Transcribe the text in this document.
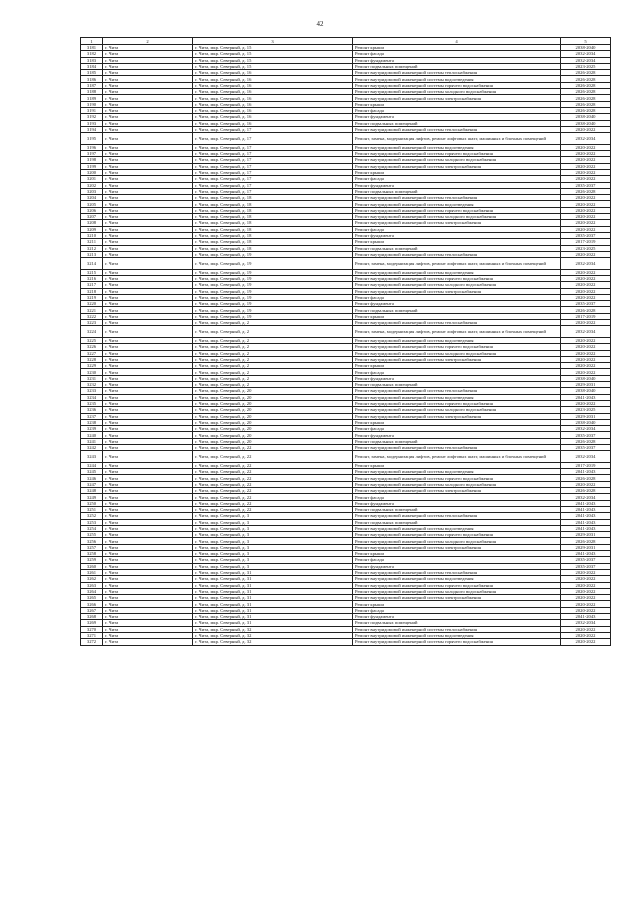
42
1	2	3	4	5
3181	г. Чита	г. Чита, мкр. Северный, д. 15	Ремонт крыши	2038-2040
3182	г. Чита	г. Чита, мкр. Северный, д. 15	Ремонт фасада	2032-2034
3183	г. Чита	г. Чита, мкр. Северный, д. 15	Ремонт фундамента	2032-2034
3184	г. Чита	г. Чита, мкр. Северный, д. 15	Ремонт подвальных помещений	2023-2025
3185	г. Чита	г. Чита, мкр. Северный, д. 16	Ремонт внутридомовой инженерной системы теплоснабжения	2026-2028
3186	г. Чита	г. Чита, мкр. Северный, д. 16	Ремонт внутридомовой инженерной системы водоотведения	2026-2028
3187	г. Чита	г. Чита, мкр. Северный, д. 16	Ремонт внутридомовой инженерной системы горячего водоснабжения	2026-2028
3188	г. Чита	г. Чита, мкр. Северный, д. 16	Ремонт внутридомовой инженерной системы холодного водоснабжения	2026-2028
3189	г. Чита	г. Чита, мкр. Северный, д. 16	Ремонт внутридомовой инженерной системы электроснабжения	2026-2028
3190	г. Чита	г. Чита, мкр. Северный, д. 16	Ремонт крыши	2026-2028
3191	г. Чита	г. Чита, мкр. Северный, д. 16	Ремонт фасада	2026-2028
3192	г. Чита	г. Чита, мкр. Северный, д. 16	Ремонт фундамента	2038-2040
3193	г. Чита	г. Чита, мкр. Северный, д. 16	Ремонт подвальных помещений	2038-2040
3194	г. Чита	г. Чита, мкр. Северный, д. 17	Ремонт внутридомовой инженерной системы теплоснабжения	2020-2022
3195	г. Чита	г. Чита, мкр. Северный, д. 17	Ремонт, замена, модернизация лифтов, ремонт лифтовых шахт, машинных и блочных помещений	2032-2034
3196	г. Чита	г. Чита, мкр. Северный, д. 17	Ремонт внутридомовой инженерной системы водоотведения	2020-2022
3197	г. Чита	г. Чита, мкр. Северный, д. 17	Ремонт внутридомовой инженерной системы горячего водоснабжения	2020-2022
3198	г. Чита	г. Чита, мкр. Северный, д. 17	Ремонт внутридомовой инженерной системы холодного водоснабжения	2020-2022
3199	г. Чита	г. Чита, мкр. Северный, д. 17	Ремонт внутридомовой инженерной системы электроснабжения	2020-2022
3200	г. Чита	г. Чита, мкр. Северный, д. 17	Ремонт крыши	2020-2022
3201	г. Чита	г. Чита, мкр. Северный, д. 17	Ремонт фасада	2020-2022
3202	г. Чита	г. Чита, мкр. Северный, д. 17	Ремонт фундамента	2035-2037
3203	г. Чита	г. Чита, мкр. Северный, д. 17	Ремонт подвальных помещений	2026-2028
3204	г. Чита	г. Чита, мкр. Северный, д. 18	Ремонт внутридомовой инженерной системы теплоснабжения	2020-2022
3205	г. Чита	г. Чита, мкр. Северный, д. 18	Ремонт внутридомовой инженерной системы водоотведения	2020-2022
3206	г. Чита	г. Чита, мкр. Северный, д. 18	Ремонт внутридомовой инженерной системы горячего водоснабжения	2020-2022
3207	г. Чита	г. Чита, мкр. Северный, д. 18	Ремонт внутридомовой инженерной системы холодного водоснабжения	2020-2022
3208	г. Чита	г. Чита, мкр. Северный, д. 18	Ремонт внутридомовой инженерной системы электроснабжения	2020-2022
3209	г. Чита	г. Чита, мкр. Северный, д. 18	Ремонт фасада	2020-2022
3210	г. Чита	г. Чита, мкр. Северный, д. 18	Ремонт фундамента	2035-2037
3211	г. Чита	г. Чита, мкр. Северный, д. 18	Ремонт крыши	2017-2019
3212	г. Чита	г. Чита, мкр. Северный, д. 18	Ремонт подвальных помещений	2023-2025
3213	г. Чита	г. Чита, мкр. Северный, д. 19	Ремонт внутридомовой инженерной системы теплоснабжения	2020-2022
3214	г. Чита	г. Чита, мкр. Северный, д. 19	Ремонт, замена, модернизация лифтов, ремонт лифтовых шахт, машинных и блочных помещений	2032-2034
3215	г. Чита	г. Чита, мкр. Северный, д. 19	Ремонт внутридомовой инженерной системы водоотведения	2020-2022
3216	г. Чита	г. Чита, мкр. Северный, д. 19	Ремонт внутридомовой инженерной системы горячего водоснабжения	2020-2022
3217	г. Чита	г. Чита, мкр. Северный, д. 19	Ремонт внутридомовой инженерной системы холодного водоснабжения	2020-2022
3218	г. Чита	г. Чита, мкр. Северный, д. 19	Ремонт внутридомовой инженерной системы электроснабжения	2020-2022
3219	г. Чита	г. Чита, мкр. Северный, д. 19	Ремонт фасада	2020-2022
3220	г. Чита	г. Чита, мкр. Северный, д. 19	Ремонт фундамента	2035-2037
3221	г. Чита	г. Чита, мкр. Северный, д. 19	Ремонт подвальных помещений	2026-2028
3222	г. Чита	г. Чита, мкр. Северный, д. 19	Ремонт крыши	2017-2019
3223	г. Чита	г. Чита, мкр. Северный, д. 2	Ремонт внутридомовой инженерной системы теплоснабжения	2020-2022
3224	г. Чита	г. Чита, мкр. Северный, д. 2	Ремонт, замена, модернизация лифтов, ремонт лифтовых шахт, машинных и блочных помещений	2032-2034
3225	г. Чита	г. Чита, мкр. Северный, д. 2	Ремонт внутридомовой инженерной системы водоотведения	2020-2022
3226	г. Чита	г. Чита, мкр. Северный, д. 2	Ремонт внутридомовой инженерной системы горячего водоснабжения	2020-2022
3227	г. Чита	г. Чита, мкр. Северный, д. 2	Ремонт внутридомовой инженерной системы холодного водоснабжения	2020-2022
3228	г. Чита	г. Чита, мкр. Северный, д. 2	Ремонт внутридомовой инженерной системы электроснабжения	2020-2022
3229	г. Чита	г. Чита, мкр. Северный, д. 2	Ремонт крыши	2020-2022
3230	г. Чита	г. Чита, мкр. Северный, д. 2	Ремонт фасада	2020-2022
3231	г. Чита	г. Чита, мкр. Северный, д. 2	Ремонт фундамента	2038-2040
3232	г. Чита	г. Чита, мкр. Северный, д. 2	Ремонт подвальных помещений	2029-2031
3233	г. Чита	г. Чита, мкр. Северный, д. 20	Ремонт внутридомовой инженерной системы теплоснабжения	2038-2040
3234	г. Чита	г. Чита, мкр. Северный, д. 20	Ремонт внутридомовой инженерной системы водоотведения	2041-2043
3235	г. Чита	г. Чита, мкр. Северный, д. 20	Ремонт внутридомовой инженерной системы горячего водоснабжения	2020-2022
3236	г. Чита	г. Чита, мкр. Северный, д. 20	Ремонт внутридомовой инженерной системы холодного водоснабжения	2023-2025
3237	г. Чита	г. Чита, мкр. Северный, д. 20	Ремонт внутридомовой инженерной системы электроснабжения	2029-2031
3238	г. Чита	г. Чита, мкр. Северный, д. 20	Ремонт крыши	2038-2040
3239	г. Чита	г. Чита, мкр. Северный, д. 20	Ремонт фасада	2032-2034
3240	г. Чита	г. Чита, мкр. Северный, д. 20	Ремонт фундамента	2035-2037
3241	г. Чита	г. Чита, мкр. Северный, д. 20	Ремонт подвальных помещений	2026-2028
3242	г. Чита	г. Чита, мкр. Северный, д. 22	Ремонт внутридомовой инженерной системы теплоснабжения	2035-2037
3243	г. Чита	г. Чита, мкр. Северный, д. 22	Ремонт, замена, модернизация лифтов, ремонт лифтовых шахт, машинных и блочных помещений	2032-2034
3244	г. Чита	г. Чита, мкр. Северный, д. 22	Ремонт крыши	2017-2019
3245	г. Чита	г. Чита, мкр. Северный, д. 22	Ремонт внутридомовой инженерной системы водоотведения	2041-2043
3246	г. Чита	г. Чита, мкр. Северный, д. 22	Ремонт внутридомовой инженерной системы горячего водоснабжения	2026-2028
3247	г. Чита	г. Чита, мкр. Северный, д. 22	Ремонт внутридомовой инженерной системы холодного водоснабжения	2020-2022
3248	г. Чита	г. Чита, мкр. Северный, д. 22	Ремонт внутридомовой инженерной системы электроснабжения	2026-2028
3249	г. Чита	г. Чита, мкр. Северный, д. 22	Ремонт фасада	2032-2034
3250	г. Чита	г. Чита, мкр. Северный, д. 22	Ремонт фундамента	2041-2043
3251	г. Чита	г. Чита, мкр. Северный, д. 22	Ремонт подвальных помещений	2041-2043
3252	г. Чита	г. Чита, мкр. Северный, д. 3	Ремонт внутридомовой инженерной системы теплоснабжения	2041-2043
3253	г. Чита	г. Чита, мкр. Северный, д. 3	Ремонт подвальных помещений	2041-2043
3254	г. Чита	г. Чита, мкр. Северный, д. 3	Ремонт внутридомовой инженерной системы водоотведения	2041-2043
3255	г. Чита	г. Чита, мкр. Северный, д. 3	Ремонт внутридомовой инженерной системы горячего водоснабжения	2029-2031
3256	г. Чита	г. Чита, мкр. Северный, д. 3	Ремонт внутридомовой инженерной системы холодного водоснабжения	2026-2028
3257	г. Чита	г. Чита, мкр. Северный, д. 3	Ремонт внутридомовой инженерной системы электроснабжения	2029-2031
3258	г. Чита	г. Чита, мкр. Северный, д. 3	Ремонт крыши	2041-2043
3259	г. Чита	г. Чита, мкр. Северный, д. 3	Ремонт фасада	2035-2037
3260	г. Чита	г. Чита, мкр. Северный, д. 3	Ремонт фундамента	2035-2037
3261	г. Чита	г. Чита, мкр. Северный, д. 31	Ремонт внутридомовой инженерной системы теплоснабжения	2020-2022
3262	г. Чита	г. Чита, мкр. Северный, д. 31	Ремонт внутридомовой инженерной системы водоотведения	2020-2022
3263	г. Чита	г. Чита, мкр. Северный, д. 31	Ремонт внутридомовой инженерной системы горячего водоснабжения	2020-2022
3264	г. Чита	г. Чита, мкр. Северный, д. 31	Ремонт внутридомовой инженерной системы холодного водоснабжения	2020-2022
3265	г. Чита	г. Чита, мкр. Северный, д. 31	Ремонт внутридомовой инженерной системы электроснабжения	2020-2022
3266	г. Чита	г. Чита, мкр. Северный, д. 31	Ремонт крыши	2020-2022
3267	г. Чита	г. Чита, мкр. Северный, д. 31	Ремонт фасада	2020-2022
3268	г. Чита	г. Чита, мкр. Северный, д. 31	Ремонт фундамента	2041-2043
3269	г. Чита	г. Чита, мкр. Северный, д. 31	Ремонт подвальных помещений	2032-2034
3270	г. Чита	г. Чита, мкр. Северный, д. 32	Ремонт внутридомовой инженерной системы теплоснабжения	2020-2022
3271	г. Чита	г. Чита, мкр. Северный, д. 32	Ремонт внутридомовой инженерной системы водоотведения	2020-2022
3272	г. Чита	г. Чита, мкр. Северный, д. 32	Ремонт внутридомовой инженерной системы горячего водоснабжения	2020-2022
